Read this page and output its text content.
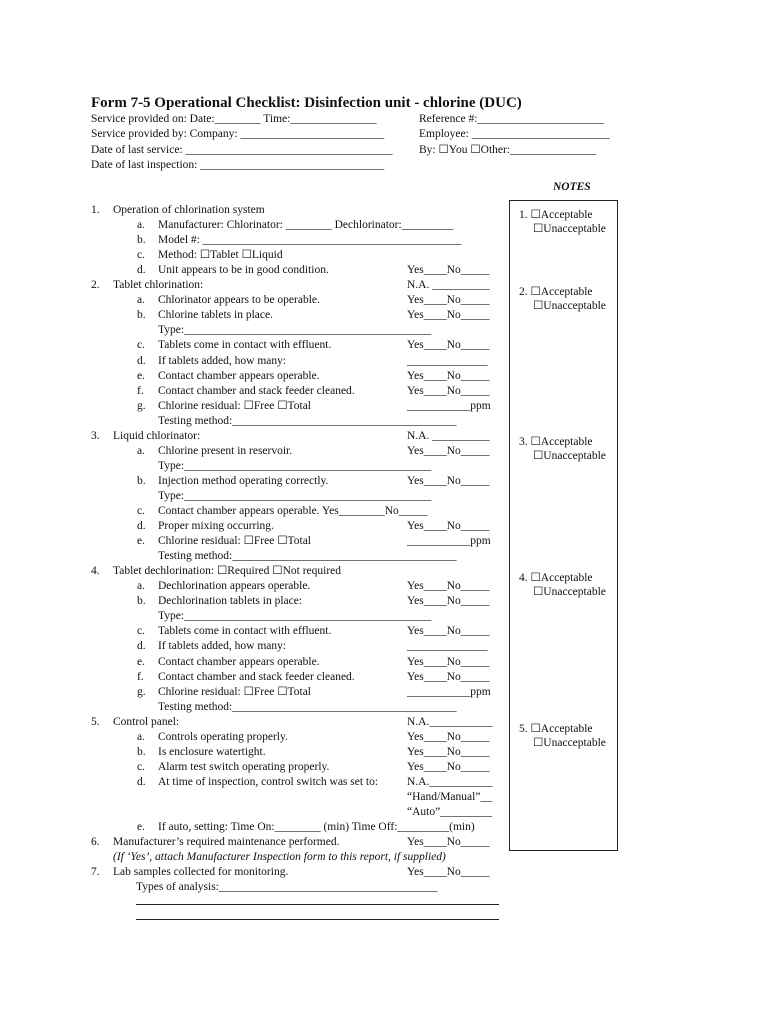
Form 7-5 Operational Checklist: Disinfection unit - chlorine (DUC)
Service provided on: Date:________ Time:_______________	Reference #:______________________
Service provided by: Company: _________________________	Employee: ________________________
Date of last service: ____________________________________ By: ☐You ☐Other:_______________
Date of last inspection: ________________________________
NOTES
1. ☐Acceptable
☐Unacceptable
2. ☐Acceptable
☐Unacceptable
3. ☐Acceptable
☐Unacceptable
4. ☐Acceptable
☐Unacceptable
5. ☐Acceptable
☐Unacceptable
1. Operation of chlorination system
a. Manufacturer: Chlorinator: ________ Dechlorinator:_________
b. Model #: _____________________________________________
c. Method: ☐Tablet ☐Liquid
d. Unit appears to be in good condition.	Yes____No_____
2. Tablet chlorination:	N.A. __________
a. Chlorinator appears to be operable.	Yes____No_____
b. Chlorine tablets in place.	Yes____No_____
Type:___________________________________________
c. Tablets come in contact with effluent.	Yes____No_____
d. If tablets added, how many:	______________
e. Contact chamber appears operable.	Yes____No_____
f. Contact chamber and stack feeder cleaned.	Yes____No_____
g. Chlorine residual: ☐Free ☐Total	___________ppm
Testing method:_______________________________________
3. Liquid chlorinator:	N.A. __________
a. Chlorine present in reservoir.	Yes____No_____
Type:___________________________________________
b. Injection method operating correctly.	Yes____No_____
Type:___________________________________________
c. Contact chamber appears operable. Yes________No_____
d. Proper mixing occurring.	Yes____No_____
e. Chlorine residual: ☐Free ☐Total	___________ppm
Testing method:_______________________________________
4. Tablet dechlorination: ☐Required ☐Not required
a. Dechlorination appears operable.	Yes____No_____
b. Dechlorination tablets in place:	Yes____No_____
Type:___________________________________________
c. Tablets come in contact with effluent.	Yes____No_____
d. If tablets added, how many:	______________
e. Contact chamber appears operable.	Yes____No_____
f. Contact chamber and stack feeder cleaned.	Yes____No_____
g. Chlorine residual: ☐Free ☐Total	___________ppm
Testing method:_______________________________________
5. Control panel:	N.A.___________
a. Controls operating properly.	Yes____No_____
b. Is enclosure watertight.	Yes____No_____
c. Alarm test switch operating properly.	Yes____No_____
d. At time of inspection, control switch was set to:	N.A.___________
“Hand/Manual”__
“Auto”_________
e. If auto, setting: Time On:________ (min) Time Off:_________(min)
6. Manufacturer’s required maintenance performed.	Yes____No_____
(If ‘Yes’, attach Manufacturer Inspection form to this report, if supplied)
7. Lab samples collected for monitoring.	Yes____No_____
Types of analysis:______________________________________
